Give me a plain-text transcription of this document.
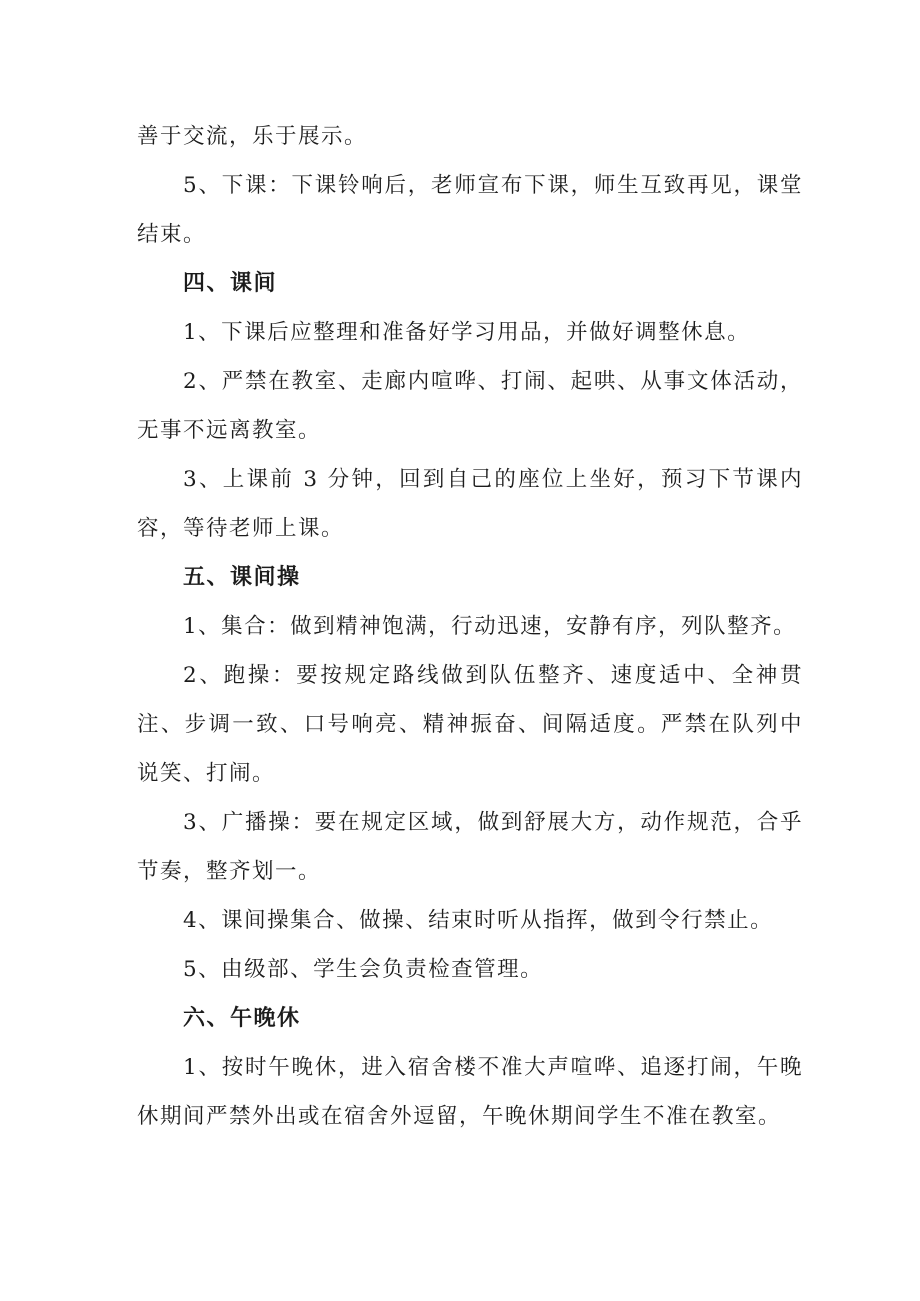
善于交流，乐于展示。

5、下课：下课铃响后，老师宣布下课，师生互致再见，课堂结束。

四、课间

1、下课后应整理和准备好学习用品，并做好调整休息。

2、严禁在教室、走廊内喧哗、打闹、起哄、从事文体活动，无事不远离教室。

3、上课前 3 分钟，回到自己的座位上坐好，预习下节课内容，等待老师上课。

五、课间操

1、集合：做到精神饱满，行动迅速，安静有序，列队整齐。

2、跑操：要按规定路线做到队伍整齐、速度适中、全神贯注、步调一致、口号响亮、精神振奋、间隔适度。严禁在队列中说笑、打闹。

3、广播操：要在规定区域，做到舒展大方，动作规范，合乎节奏，整齐划一。

4、课间操集合、做操、结束时听从指挥，做到令行禁止。

5、由级部、学生会负责检查管理。

六、午晚休

1、按时午晚休，进入宿舍楼不准大声喧哗、追逐打闹，午晚休期间严禁外出或在宿舍外逗留，午晚休期间学生不准在教室。
